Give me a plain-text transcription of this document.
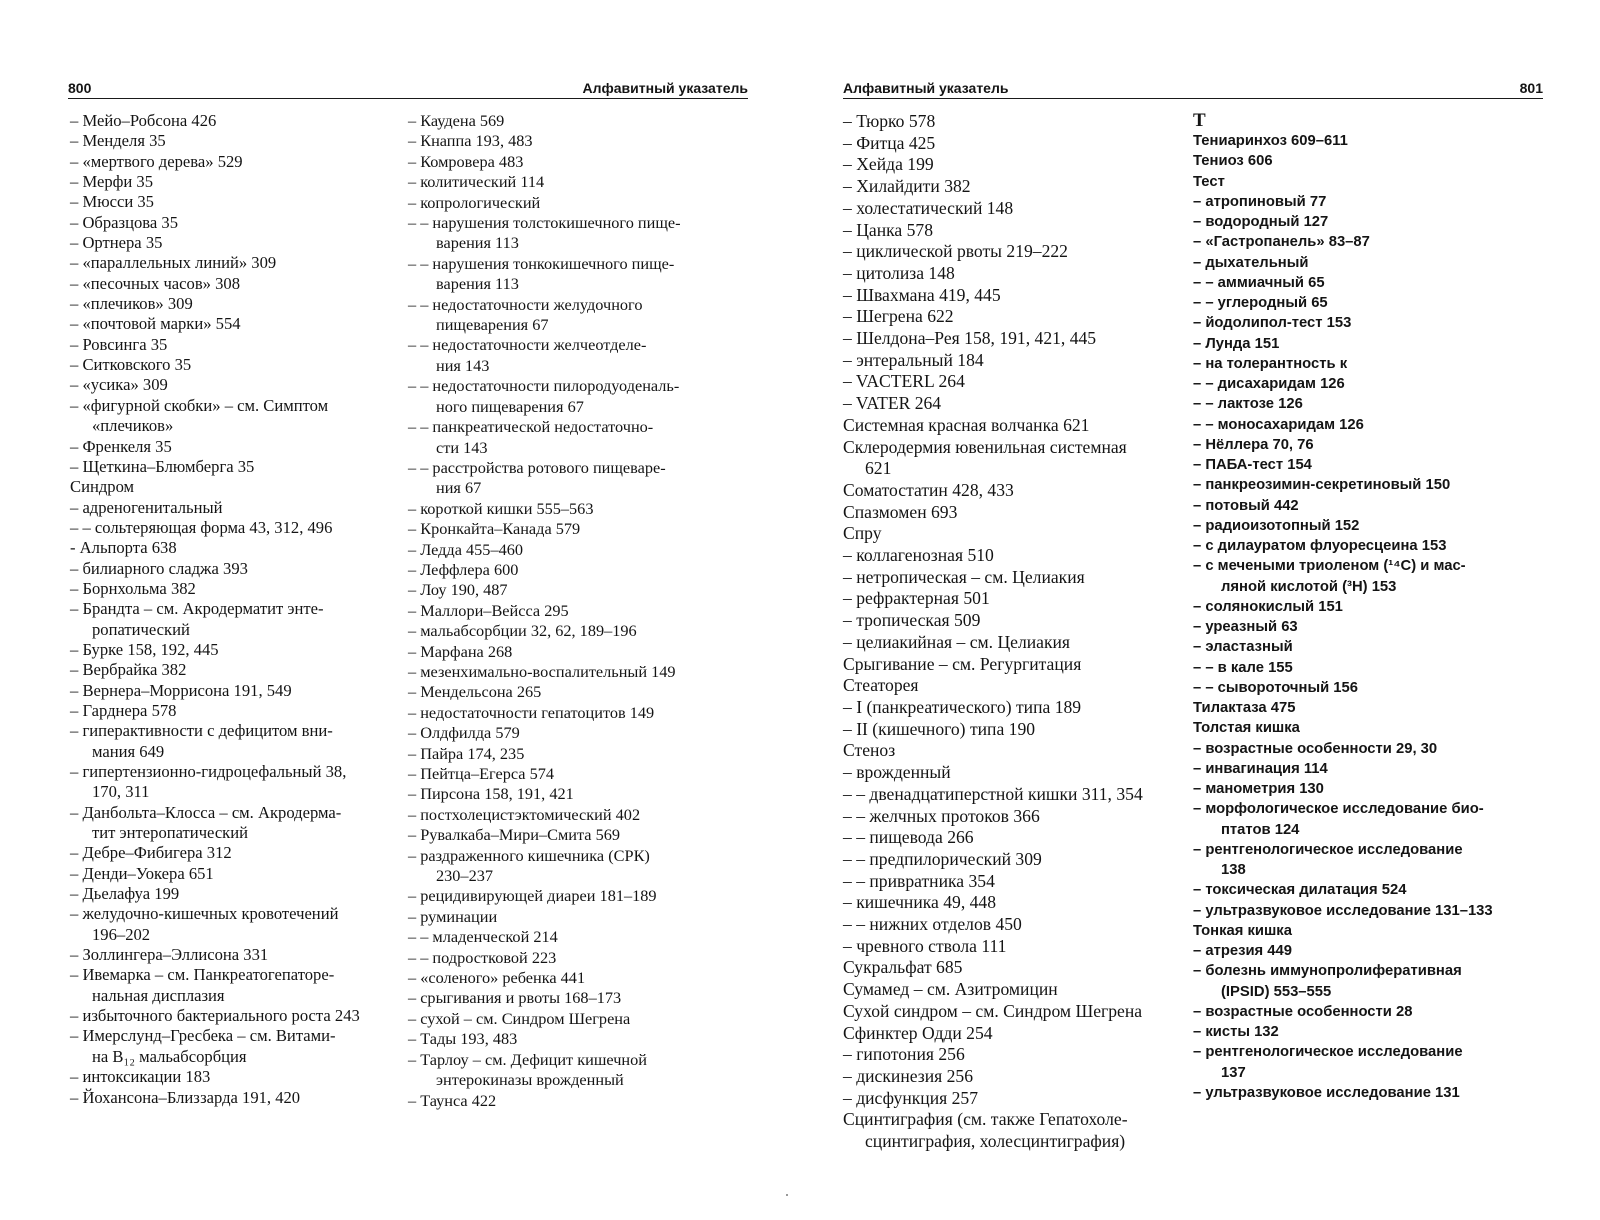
800	Алфавитный указатель
– Мейо–Робсона 426
– Менделя 35
– «мертвого дерева» 529
– Мерфи 35
– Мюсси 35
– Образцова 35
– Ортнера 35
– «параллельных линий» 309
– «песочных часов» 308
– «плечиков» 309
– «почтовой марки» 554
– Ровсинга 35
– Ситковского 35
– «усика» 309
– «фигурной скобки» – см. Симптом
«плечиков»
– Френкеля 35
– Щеткина–Блюмберга 35
Синдром
– адреногенитальный
– – сольтеряющая форма 43, 312, 496
- Альпорта 638
– билиарного сладжа 393
– Борнхольма 382
– Брандта – см. Акродерматит энте-
ропатический
– Бурке 158, 192, 445
– Вербрайка 382
– Вернера–Моррисона 191, 549
– Гарднера 578
– гиперактивности с дефицитом вни-
мания 649
– гипертензионно-гидроцефальный 38,
170, 311
– Данбольта–Клосса – см. Акродерма-
тит энтеропатический
– Дебре–Фибигера 312
– Денди–Уокера 651
– Дьелафуа 199
– желудочно-кишечных кровотечений
196–202
– Золлингера–Эллисона 331
– Ивемарка – см. Панкреатогепаторе-
нальная дисплазия
– избыточного бактериального роста 243
– Имерслунд–Гресбека – см. Витами-
на B₁₂ мальабсорбция
– интоксикации 183
– Йохансона–Близзарда 191, 420
– Каудена 569
– Кнаппа 193, 483
– Комровера 483
– колитический 114
– копрологический
– – нарушения толстокишечного пище-
варения 113
– – нарушения тонкокишечного пище-
варения 113
– – недостаточности желудочного
пищеварения 67
– – недостаточности желчеотделе-
ния 143
– – недостаточности пилородуоденаль-
ного пищеварения 67
– – панкреатической недостаточно-
сти 143
– – расстройства ротового пищеваре-
ния 67
– короткой кишки 555–563
– Кронкайта–Канада 579
– Ледда 455–460
– Леффлера 600
– Лоу 190, 487
– Маллори–Вейсса 295
– мальабсорбции 32, 62, 189–196
– Марфана 268
– мезенхимально-воспалительный 149
– Мендельсона 265
– недостаточности гепатоцитов 149
– Олдфилда 579
– Пайра 174, 235
– Пейтца–Егерса 574
– Пирсона 158, 191, 421
– постхолецистэктомический 402
– Рувалкаба–Мири–Смита 569
– раздраженного кишечника (СРК)
230–237
– рецидивирующей диареи 181–189
– руминации
– – младенческой 214
– – подростковой 223
– «соленого» ребенка 441
– срыгивания и рвоты 168–173
– сухой – см. Синдром Шегрена
– Тады 193, 483
– Тарлоу – см. Дефицит кишечной
энтерокиназы врожденный
– Таунса 422
Алфавитный указатель	801
– Тюрко 578
– Фитца 425
– Хейда 199
– Хилайдити 382
– холестатический 148
– Цанка 578
– циклической рвоты 219–222
– цитолиза 148
– Швахмана 419, 445
– Шегрена 622
– Шелдона–Рея 158, 191, 421, 445
– энтеральный 184
– VACTERL 264
– VATER 264
Системная красная волчанка 621
Склеродермия ювенильная системная
621
Соматостатин 428, 433
Спазмомен 693
Спру
– коллагенозная 510
– нетропическая – см. Целиакия
– рефрактерная 501
– тропическая 509
– целиакийная – см. Целиакия
Срыгивание – см. Регургитация
Стеаторея
– I (панкреатического) типа 189
– II (кишечного) типа 190
Стеноз
– врожденный
– – двенадцатиперстной кишки 311, 354
– – желчных протоков 366
– – пищевода 266
– – предпилорический 309
– – привратника 354
– кишечника 49, 448
– – нижних отделов 450
– чревного ствола 111
Сукральфат 685
Сумамед – см. Азитромицин
Сухой синдром – см. Синдром Шегрена
Сфинктер Одди 254
– гипотония 256
– дискинезия 256
– дисфункция 257
Сцинтиграфия (см. также Гепатохоле-
сцинтиграфия, холесцинтиграфия)
Т
Тениаринхоз 609–611
Тениоз 606
Тест
– атропиновый 77
– водородный 127
– «Гастропанель» 83–87
– дыхательный
– – аммиачный 65
– – углеродный 65
– йодолипол-тест 153
– Лунда 151
– на толерантность к
– – дисахаридам 126
– – лактозе 126
– – моносахаридам 126
– Нёллера 70, 76
– ПАБА-тест 154
– панкреозимин-секретиновый 150
– потовый 442
– радиоизотопный 152
– с дилауратом флуоресцеина 153
– с мечеными триоленом (¹⁴C) и мас-
ляной кислотой (³H) 153
– солянокислый 151
– уреазный 63
– эластазный
– – в кале 155
– – сывороточный 156
Тилактаза 475
Толстая кишка
– возрастные особенности 29, 30
– инвагинация 114
– манометрия 130
– морфологическое исследование био-
птатов 124
– рентгенологическое исследование
138
– токсическая дилатация 524
– ультразвуковое исследование 131–133
Тонкая кишка
– атрезия 449
– болезнь иммунопролиферативная
(IPSID) 553–555
– возрастные особенности 28
– кисты 132
– рентгенологическое исследование
137
– ультразвуковое исследование 131
